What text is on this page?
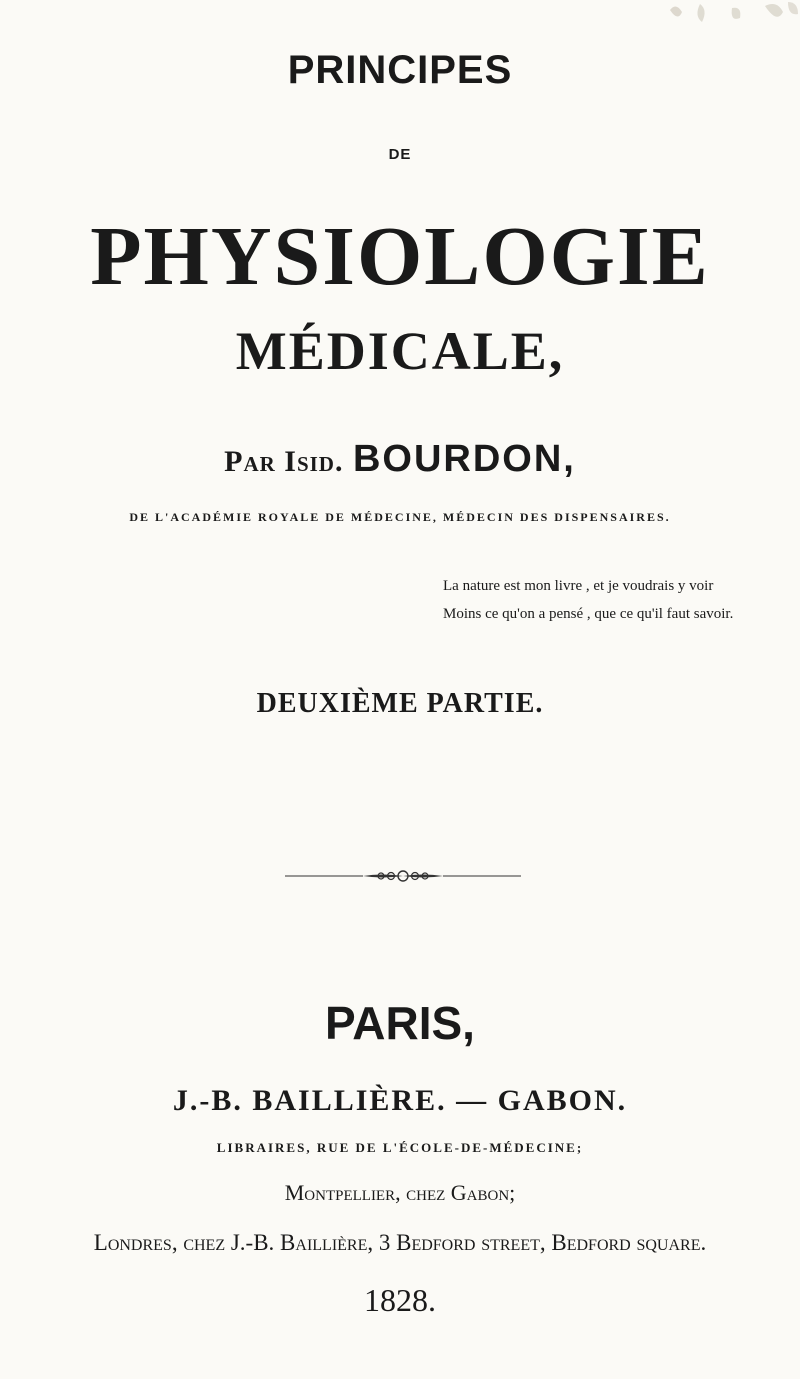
PRINCIPES

DE

PHYSIOLOGIE
MÉDICALE,

Par Isid. BOURDON,

DE L'ACADÉMIE ROYALE DE MÉDECINE, MÉDECIN DES DISPENSAIRES.

La nature est mon livre , et je voudrais y voir
Moins ce qu'on a pensé , que ce qu'il faut savoir.
DEUXIÈME PARTIE.
PARIS,

J.-B. BAILLIÈRE. — GABON.

LIBRAIRES, RUE DE L'ÉCOLE-DE-MÉDECINE;

Montpellier, chez Gabon;

Londres, chez J.-B. Baillière, 3 Bedford street, Bedford square.

1828.
